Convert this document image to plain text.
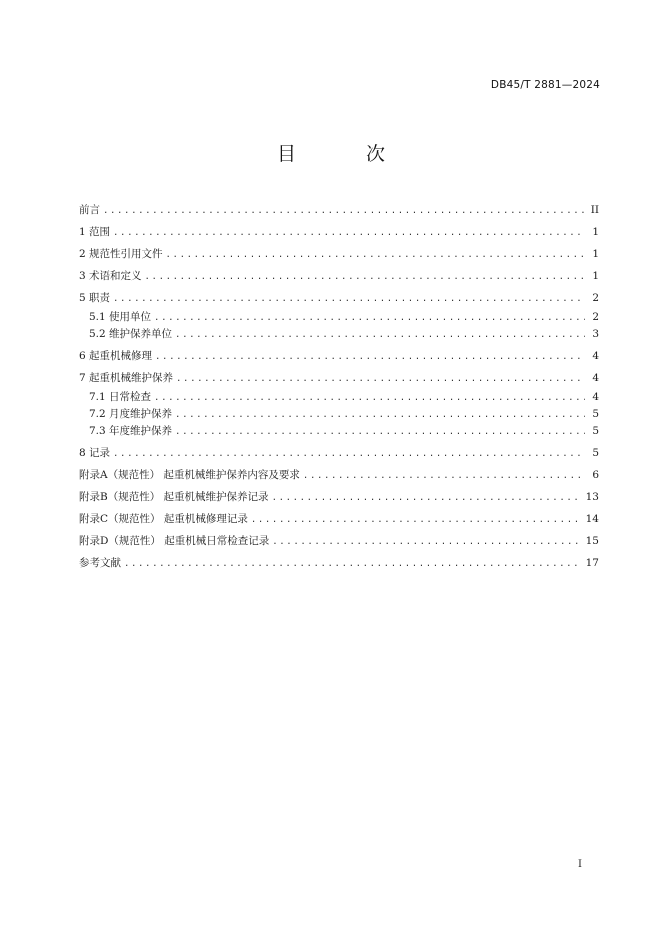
DB45/T 2881—2024
目 次
前言 .....	II
1 范围 .....	1
2 规范性引用文件 .....	1
3 术语和定义 .....	1
5 职责 .....	2
5.1 使用单位 .....	2
5.2 维护保养单位 .....	3
6 起重机械修理 .....	4
7 起重机械维护保养 .....	4
7.1 日常检查 .....	4
7.2 月度维护保养 .....	5
7.3 年度维护保养 .....	5
8 记录 .....	5
附录A（规范性） 起重机械维护保养内容及要求 .....	6
附录B（规范性） 起重机械维护保养记录 .....	13
附录C（规范性） 起重机械修理记录 .....	14
附录D（规范性） 起重机械日常检查记录 .....	15
参考文献 .....	17
I
